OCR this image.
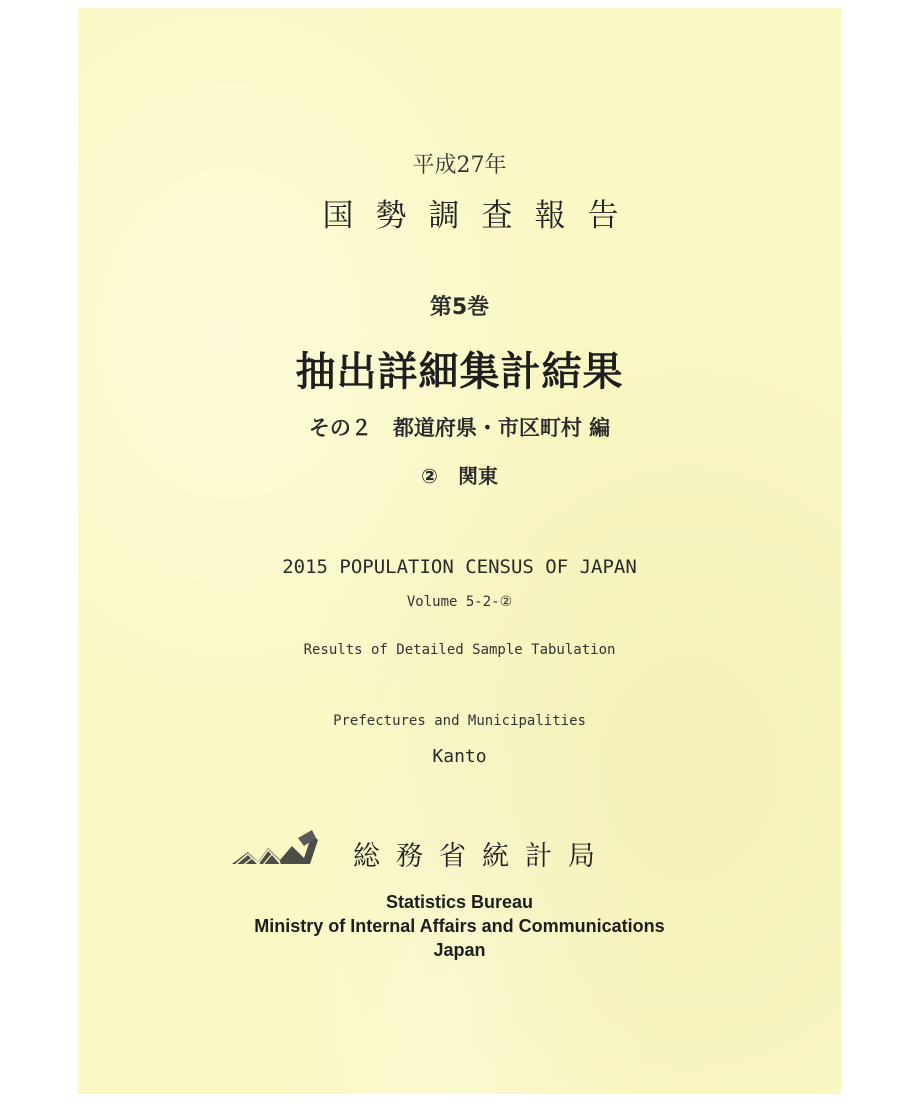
平成27年
国勢調査報告
第5巻
抽出詳細集計結果
その２　都道府県・市区町村 編
②　関東
2015 POPULATION CENSUS OF JAPAN
Volume 5-2-②
Results of Detailed Sample Tabulation
Prefectures and Municipalities
Kanto
総務省統計局
Statistics Bureau
Ministry of Internal Affairs and Communications
Japan
